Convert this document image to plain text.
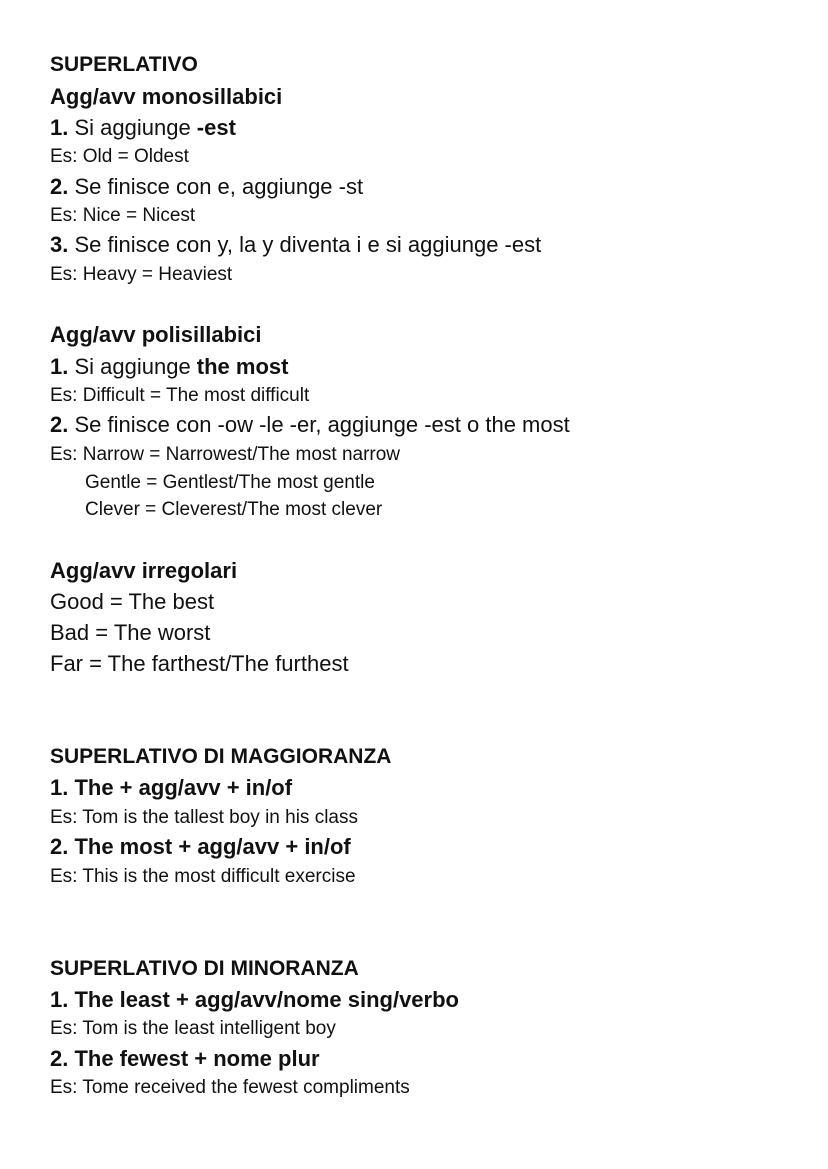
SUPERLATIVO
Agg/avv monosillabici
1. Si aggiunge -est
Es: Old = Oldest
2. Se finisce con e, aggiunge -st
Es: Nice = Nicest
3. Se finisce con y, la y diventa i e si aggiunge -est
Es: Heavy = Heaviest
Agg/avv polisillabici
1. Si aggiunge the most
Es: Difficult = The most difficult
2. Se finisce con -ow -le -er, aggiunge -est o the most
Es: Narrow = Narrowest/The most narrow
Gentle = Gentlest/The most gentle
Clever = Cleverest/The most clever
Agg/avv irregolari
Good = The best
Bad = The worst
Far = The farthest/The furthest
SUPERLATIVO DI MAGGIORANZA
1. The + agg/avv + in/of
Es: Tom is the tallest boy in his class
2. The most + agg/avv + in/of
Es: This is the most difficult exercise
SUPERLATIVO DI MINORANZA
1. The least + agg/avv/nome sing/verbo
Es: Tom is the least intelligent boy
2. The fewest + nome plur
Es: Tome received the fewest compliments
